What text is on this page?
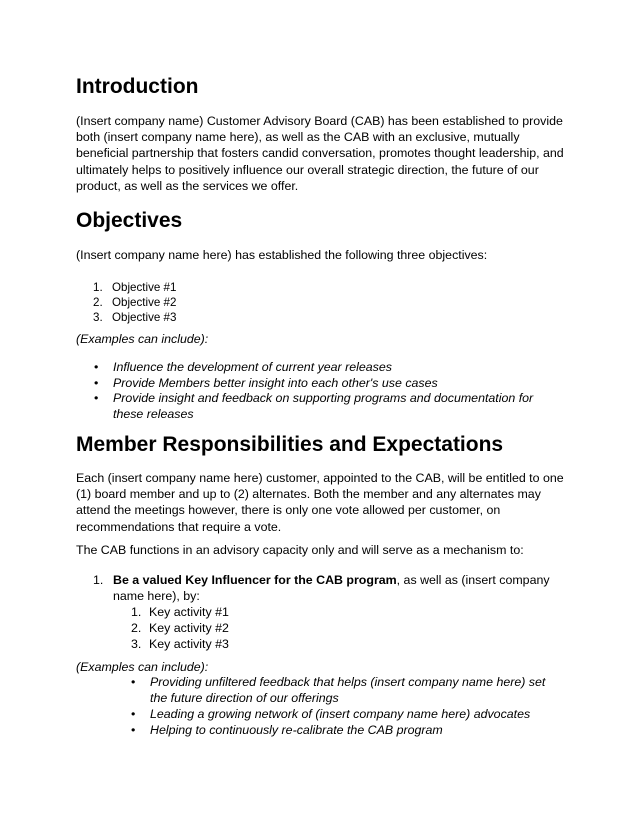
Introduction

(Insert company name) Customer Advisory Board (CAB) has been established to provide both (insert company name here), as well as the CAB with an exclusive, mutually beneficial partnership that fosters candid conversation, promotes thought leadership, and ultimately helps to positively influence our overall strategic direction, the future of our product, as well as the services we offer.

Objectives

(Insert company name here) has established the following three objectives:

1. Objective #1
2. Objective #2
3. Objective #3

(Examples can include):

• Influence the development of current year releases
• Provide Members better insight into each other's use cases
• Provide insight and feedback on supporting programs and documentation for these releases
Member Responsibilities and Expectations

Each (insert company name here) customer, appointed to the CAB, will be entitled to one (1) board member and up to (2) alternates. Both the member and any alternates may attend the meetings however, there is only one vote allowed per customer, on recommendations that require a vote.

The CAB functions in an advisory capacity only and will serve as a mechanism to:

1. Be a valued Key Influencer for the CAB program, as well as (insert company name here), by:
1. Key activity #1
2. Key activity #2
3. Key activity #3

(Examples can include):

• Providing unfiltered feedback that helps (insert company name here) set the future direction of our offerings
• Leading a growing network of (insert company name here) advocates
• Helping to continuously re-calibrate the CAB program
